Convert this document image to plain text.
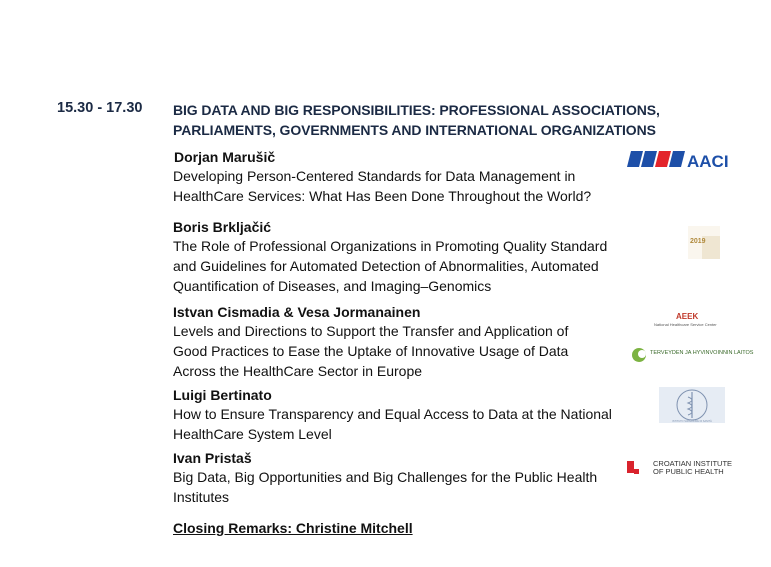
15.30 - 17.30 BIG DATA AND BIG RESPONSIBILITIES: PROFESSIONAL ASSOCIATIONS, PARLIAMENTS, GOVERNMENTS AND INTERNATIONAL ORGANIZATIONS
Dorjan Marušič
Developing Person-Centered Standards for Data Management in HealthCare Services: What Has Been Done Throughout the World?
AACI
Boris Brkljačić
The Role of Professional Organizations in Promoting Quality Standard and Guidelines for Automated Detection of Abnormalities, Automated Quantification of Diseases, and Imaging–Genomics
2019
Istvan Cismadia & Vesa Jormanainen
Levels and Directions to Support the Transfer and Application of Good Practices to Ease the Uptake of Innovative Usage of Data Across the HealthCare Sector in Europe
AEEK
National Healthcare Service Center
TERVEYDEN JA HYVINVOINNIN LAITOS
Luigi Bertinato
How to Ensure Transparency and Equal Access to Data at the National HealthCare System Level
ISTITUTO SUPERIORE DI SANITÀ
Ivan Pristaš
Big Data, Big Opportunities and Big Challenges for the Public Health Institutes
CROATIAN INSTITUTE
OF PUBLIC HEALTH
Closing Remarks: Christine Mitchell
